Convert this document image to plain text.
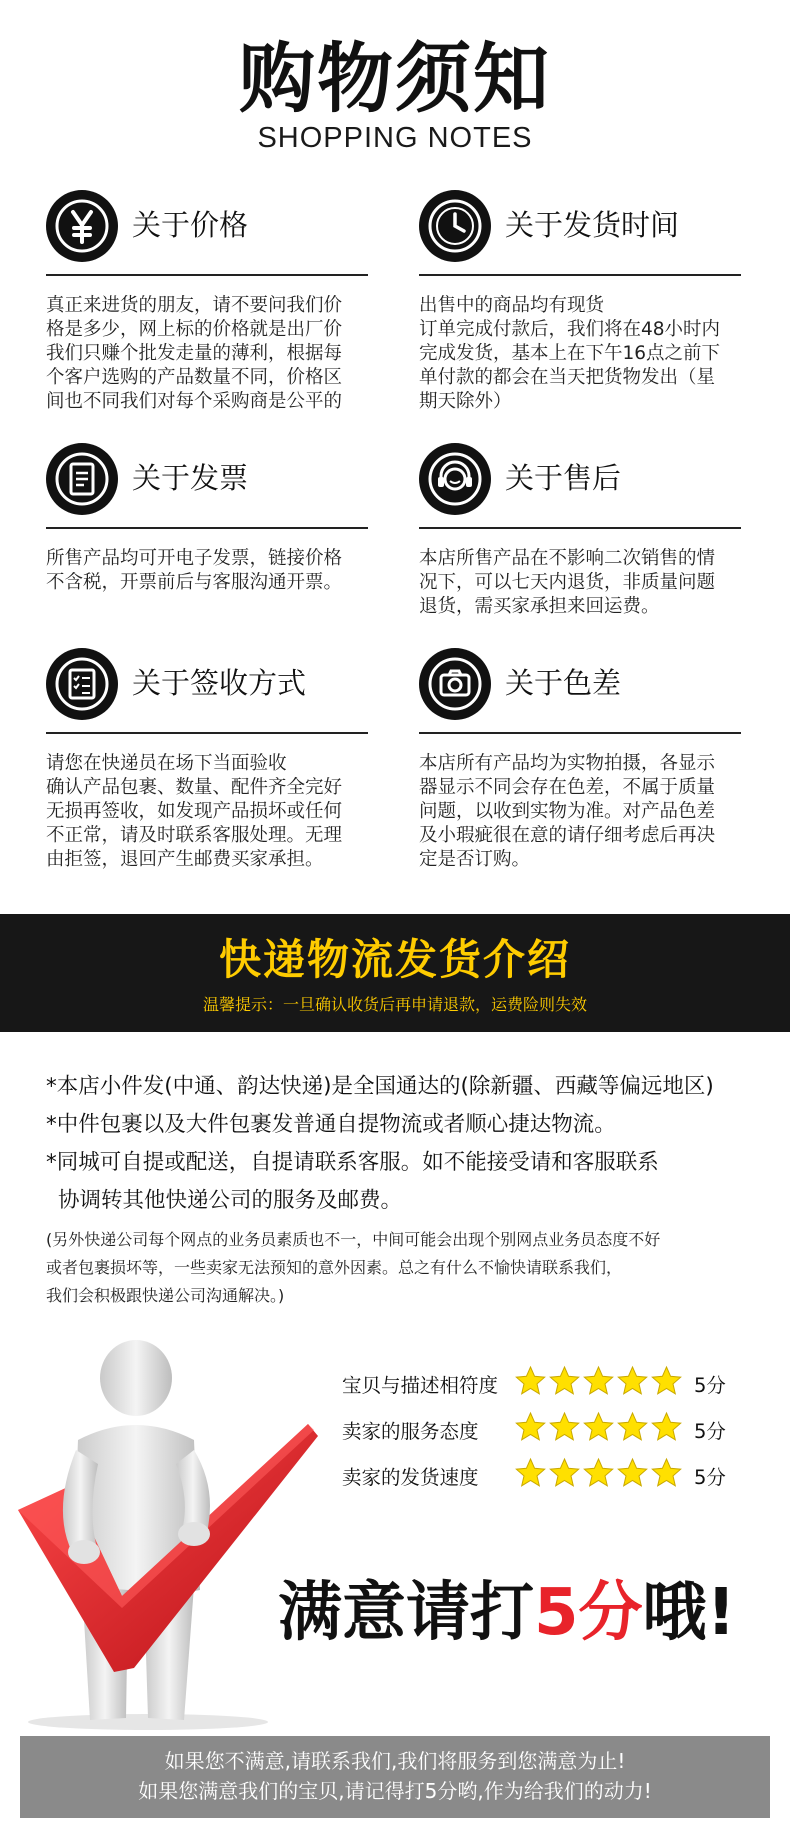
购物须知
SHOPPING NOTES
关于价格
真正来进货的朋友，请不要问我们价
格是多少，网上标的价格就是出厂价
我们只赚个批发走量的薄利，根据每
个客户选购的产品数量不同，价格区
间也不同我们对每个采购商是公平的
关于发货时间
出售中的商品均有现货
订单完成付款后，我们将在48小时内
完成发货，基本上在下午16点之前下
单付款的都会在当天把货物发出（星
期天除外）
关于发票
所售产品均可开电子发票，链接价格
不含税，开票前后与客服沟通开票。
关于售后
本店所售产品在不影响二次销售的情
况下，可以七天内退货，非质量问题
退货，需买家承担来回运费。
关于签收方式
请您在快递员在场下当面验收
确认产品包裹、数量、配件齐全完好
无损再签收，如发现产品损坏或任何
不正常，请及时联系客服处理。无理
由拒签，退回产生邮费买家承担。
关于色差
本店所有产品均为实物拍摄，各显示
器显示不同会存在色差，不属于质量
问题，以收到实物为准。对产品色差
及小瑕疵很在意的请仔细考虑后再决
定是否订购。
快递物流发货介绍
温馨提示：一旦确认收货后再申请退款，运费险则失效
*本店小件发(中通、韵达快递)是全国通达的(除新疆、西藏等偏远地区)
*中件包裹以及大件包裹发普通自提物流或者顺心捷达物流。
*同城可自提或配送，自提请联系客服。如不能接受请和客服联系
协调转其他快递公司的服务及邮费。
(另外快递公司每个网点的业务员素质也不一，中间可能会出现个别网点业务员态度不好
或者包裹损坏等，一些卖家无法预知的意外因素。总之有什么不愉快请联系我们，
我们会积极跟快递公司沟通解决。)
宝贝与描述相符度	5分
卖家的服务态度	5分
卖家的发货速度	5分
满意请打5分哦!
如果您不满意,请联系我们,我们将服务到您满意为止!
如果您满意我们的宝贝,请记得打5分哟,作为给我们的动力!
